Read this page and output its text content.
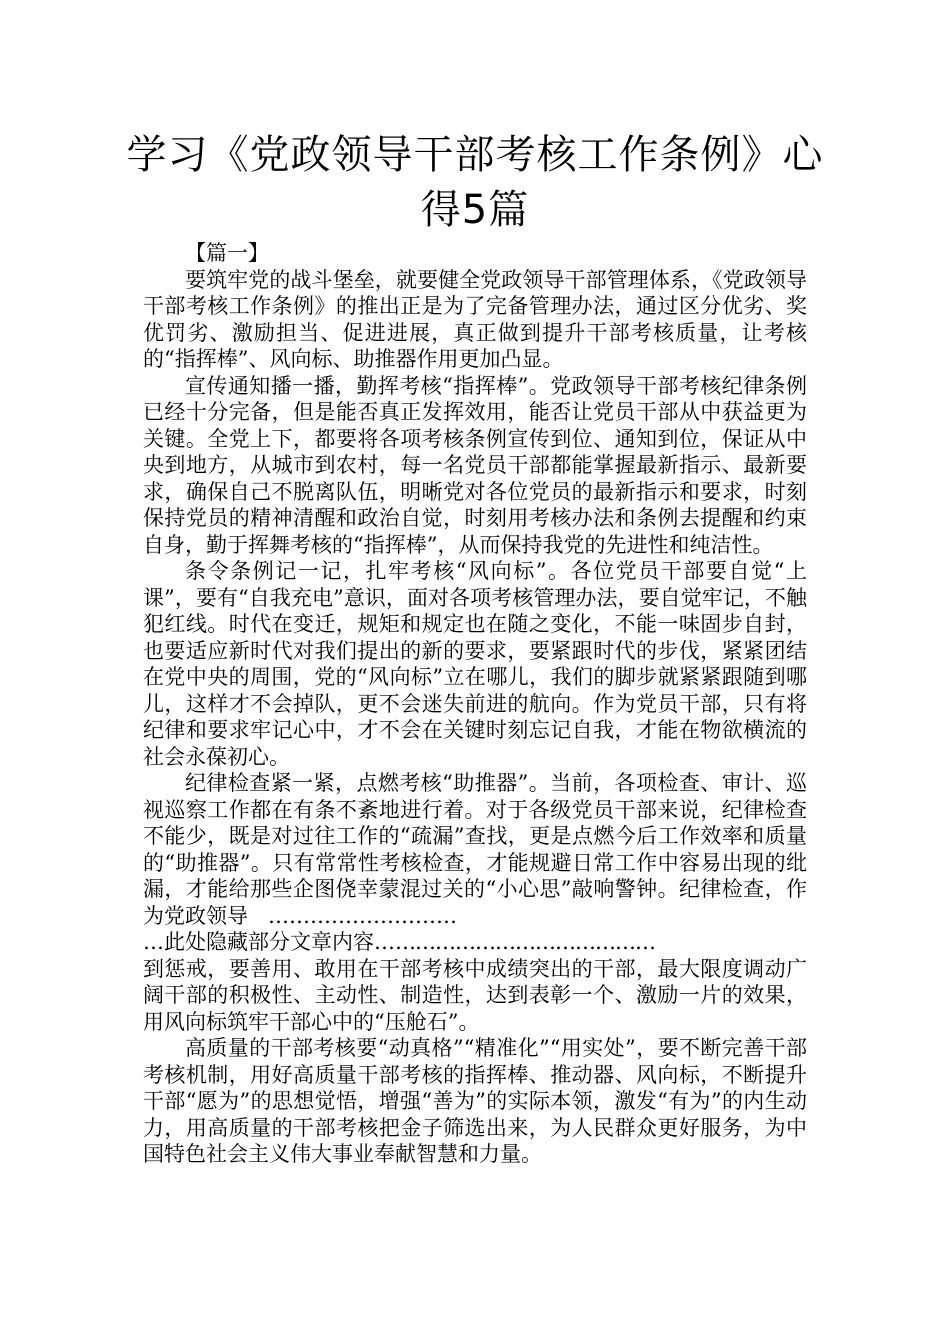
学习《党政领导干部考核工作条例》心
得5篇
【篇一】

要筑牢党的战斗堡垒，就要健全党政领导干部管理体系，《党政领导干部考核工作条例》的推出正是为了完备管理办法，通过区分优劣、奖优罚劣、激励担当、促进进展，真正做到提升干部考核质量，让考核的“指挥棒”、风向标、助推器作用更加凸显。

宣传通知播一播，勤挥考核“指挥棒”。党政领导干部考核纪律条例已经十分完备，但是能否真正发挥效用，能否让党员干部从中获益更为关键。全党上下，都要将各项考核条例宣传到位、通知到位，保证从中央到地方，从城市到农村，每一名党员干部都能掌握最新指示、最新要求，确保自己不脱离队伍，明晰党对各位党员的最新指示和要求，时刻保持党员的精神清醒和政治自觉，时刻用考核办法和条例去提醒和约束自身，勤于挥舞考核的“指挥棒”，从而保持我党的先进性和纯洁性。

条令条例记一记，扎牢考核“风向标”。各位党员干部要自觉“上课”，要有“自我充电”意识，面对各项考核管理办法，要自觉牢记，不触犯红线。时代在变迁，规矩和规定也在随之变化，不能一味固步自封，也要适应新时代对我们提出的新的要求，要紧跟时代的步伐，紧紧团结在党中央的周围，党的“风向标”立在哪儿，我们的脚步就紧紧跟随到哪儿，这样才不会掉队，更不会迷失前进的航向。作为党员干部，只有将纪律和要求牢记心中，才不会在关键时刻忘记自我，才能在物欲横流的社会永葆初心。

纪律检查紧一紧，点燃考核“助推器”。当前，各项检查、审计、巡视巡察工作都在有条不紊地进行着。对于各级党员干部来说，纪律检查不能少，既是对过往工作的“疏漏”查找，更是点燃今后工作效率和质量的“助推器”。只有常常性考核检查，才能规避日常工作中容易出现的纰漏，才能给那些企图侥幸蒙混过关的“小心思”敲响警钟。纪律检查，作为党政领导 ………………………

…此处隐藏部分文章内容……………………………………

到惩戒，要善用、敢用在干部考核中成绩突出的干部，最大限度调动广阔干部的积极性、主动性、制造性，达到表彰一个、激励一片的效果，用风向标筑牢干部心中的“压舱石”。

高质量的干部考核要“动真格”“精准化”“用实处”，要不断完善干部考核机制，用好高质量干部考核的指挥棒、推动器、风向标，不断提升干部“愿为”的思想觉悟，增强“善为”的实际本领，激发“有为”的内生动力，用高质量的干部考核把金子筛选出来，为人民群众更好服务，为中国特色社会主义伟大事业奉献智慧和力量。
